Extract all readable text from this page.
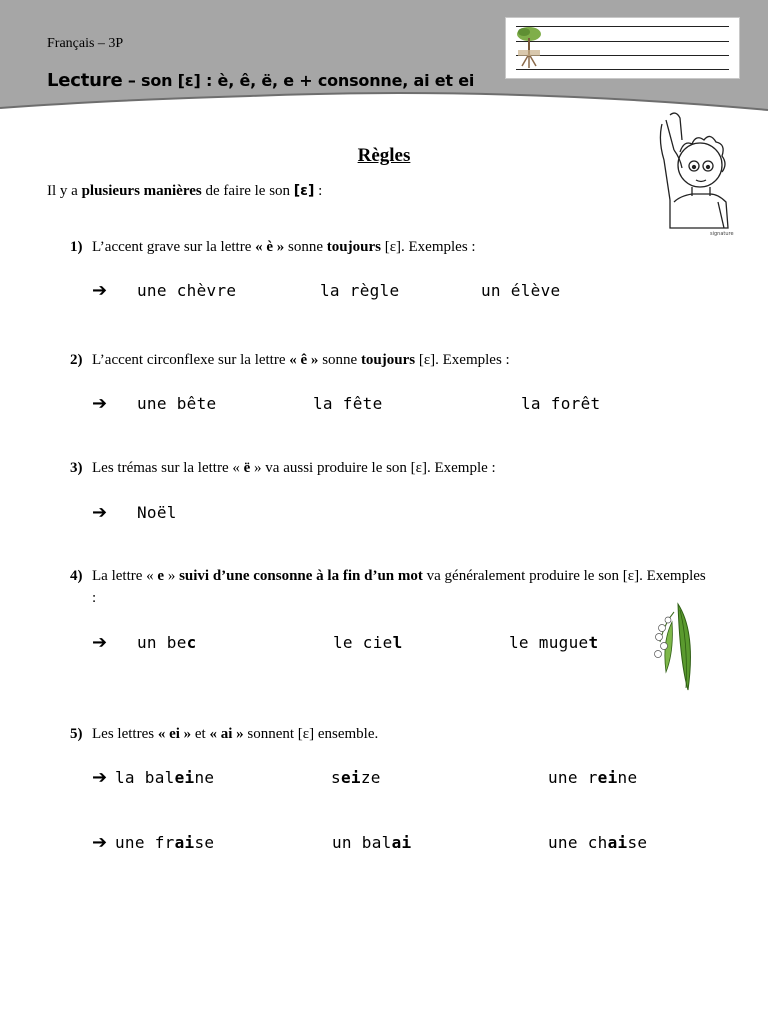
Français – 3P
Lecture – son [ɛ] : è, ê, ë, e + consonne, ai et ei
Règles
Il y a plusieurs manières de faire le son [ɛ] :
signature
1) L’accent grave sur la lettre « è » sonne toujours [ɛ]. Exemples :
➔ une chèvre	la règle	un élève
2) L’accent circonflexe sur la lettre « ê » sonne toujours [ɛ]. Exemples :
➔ une bête	la fête	la forêt
3) Les trémas sur la lettre « ë » va aussi produire le son [ɛ]. Exemple :
➔ Noël
4) La lettre « e » suivi d’une consonne à la fin d’un mot va généralement produire le son [ɛ]. Exemples :
➔ un bec	le ciel	le muguet
5) Les lettres « ei » et « ai » sonnent [ɛ] ensemble.
➔ la baleine	seize	une reine
➔ une fraise	un balai	une chaise
